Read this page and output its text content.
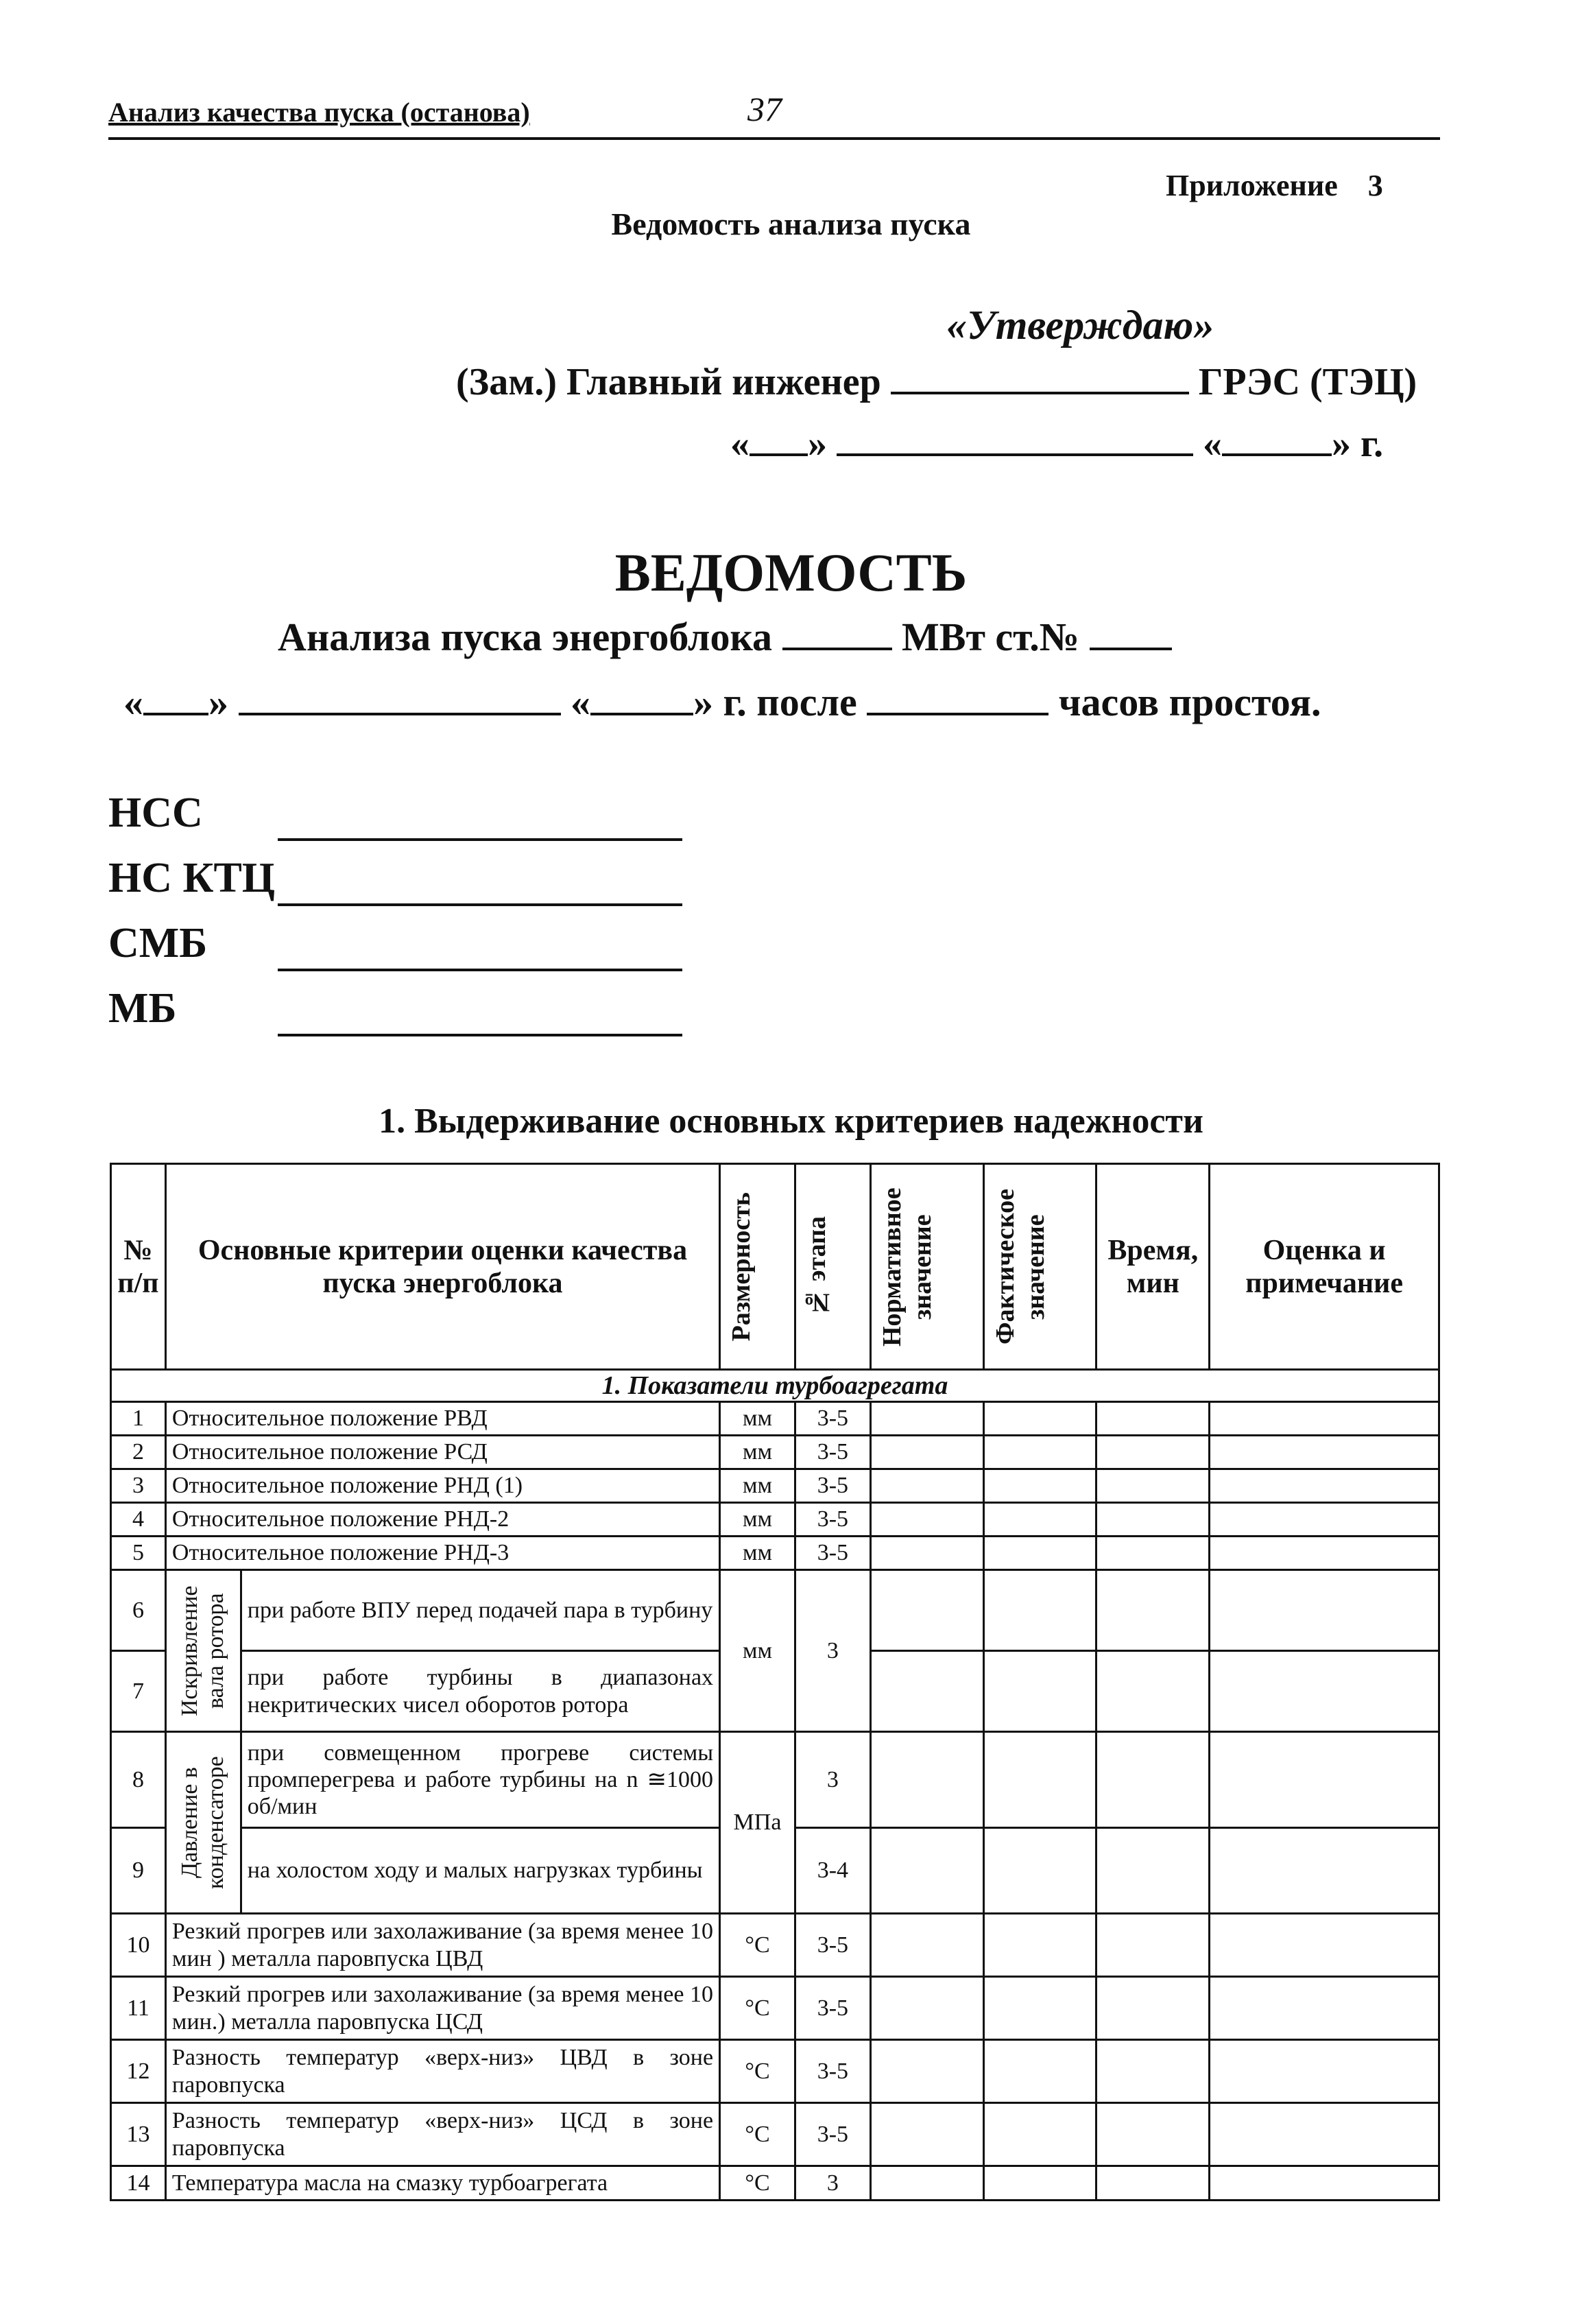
Анализ качества пуска (останова)	37
Приложение    3
Ведомость анализа пуска
«Утверждаю»
(Зам.) Главный инженер	ГРЭС (ТЭЦ)
« »	«	» г.
ВЕДОМОСТЬ
Анализа пуска энергоблока	МВт ст.№
« »	«	» г. после	часов простоя.
НСС
НС КТЦ
СМБ
МБ
1. Выдерживание основных критериев надежности
№ п/п	Основные критерии оценки качества пуска энергоблока		Размерность	№ этапа	Нормативное значение	Фактическое значение	Время, мин	Оценка и примечание
1. Показатели турбоагрегата								
1	Относительное положение РВД		мм	3-5				
2	Относительное положение РСД		мм	3-5				
3	Относительное положение РНД (1)		мм	3-5				
4	Относительное положение РНД-2		мм	3-5				
5	Относительное положение РНД-3		мм	3-5				
6	Искривление вала ротора	при работе ВПУ перед подачей пара в турбину	мм	3				
7		при работе турбины в диапазонах некритических чисел оборотов ротора						
8	Давление в конденсаторе	при совмещенном прогреве системы промперегрева и работе турбины на n ≅1000 об/мин	МПа	3				
9		на холостом ходу и малых нагрузках турбины		3-4				
10	Резкий прогрев или захолаживание (за время менее 10 мин ) металла паровпуска ЦВД		°C	3-5				
11	Резкий прогрев или захолаживание (за время менее 10 мин.) металла паровпуска ЦСД		°C	3-5				
12	Разность температур «верх-низ» ЦВД в зоне паровпуска		°C	3-5				
13	Разность температур «верх-низ» ЦСД в зоне паровпуска		°C	3-5				
14	Температура масла на смазку турбоагрегата		°C	3				
